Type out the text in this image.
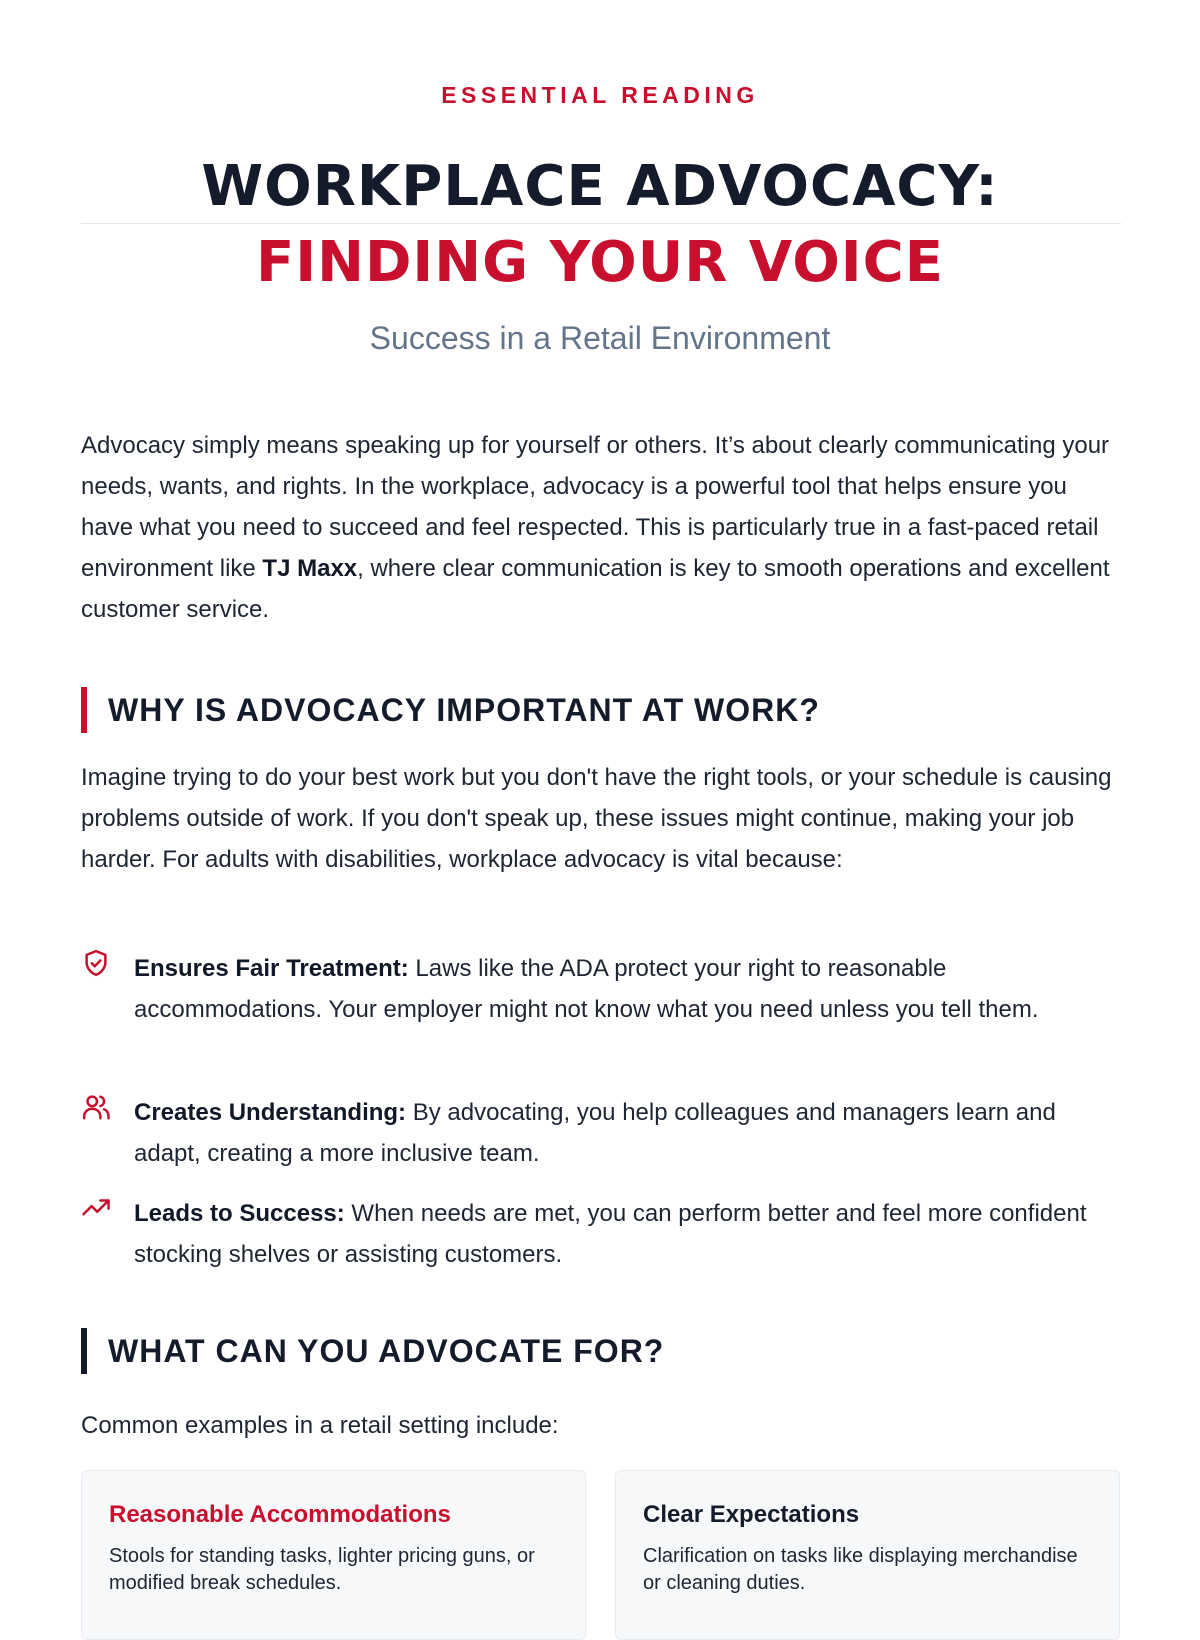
ESSENTIAL READING
WORKPLACE ADVOCACY:
FINDING YOUR VOICE
Success in a Retail Environment

Advocacy simply means speaking up for yourself or others. It’s about clearly communicating your needs, wants, and rights. In the workplace, advocacy is a powerful tool that helps ensure you have what you need to succeed and feel respected. This is particularly true in a fast-paced retail environment like TJ Maxx, where clear communication is key to smooth operations and excellent customer service.

WHY IS ADVOCACY IMPORTANT AT WORK?

Imagine trying to do your best work but you don't have the right tools, or your schedule is causing problems outside of work. If you don't speak up, these issues might continue, making your job harder. For adults with disabilities, workplace advocacy is vital because:

Ensures Fair Treatment: Laws like the ADA protect your right to reasonable accommodations. Your employer might not know what you need unless you tell them.
Creates Understanding: By advocating, you help colleagues and managers learn and adapt, creating a more inclusive team.
Leads to Success: When needs are met, you can perform better and feel more confident stocking shelves or assisting customers.
WHAT CAN YOU ADVOCATE FOR?

Common examples in a retail setting include:

Reasonable Accommodations
Stools for standing tasks, lighter pricing guns, or modified break schedules.
Clear Expectations
Clarification on tasks like displaying merchandise or cleaning duties.
